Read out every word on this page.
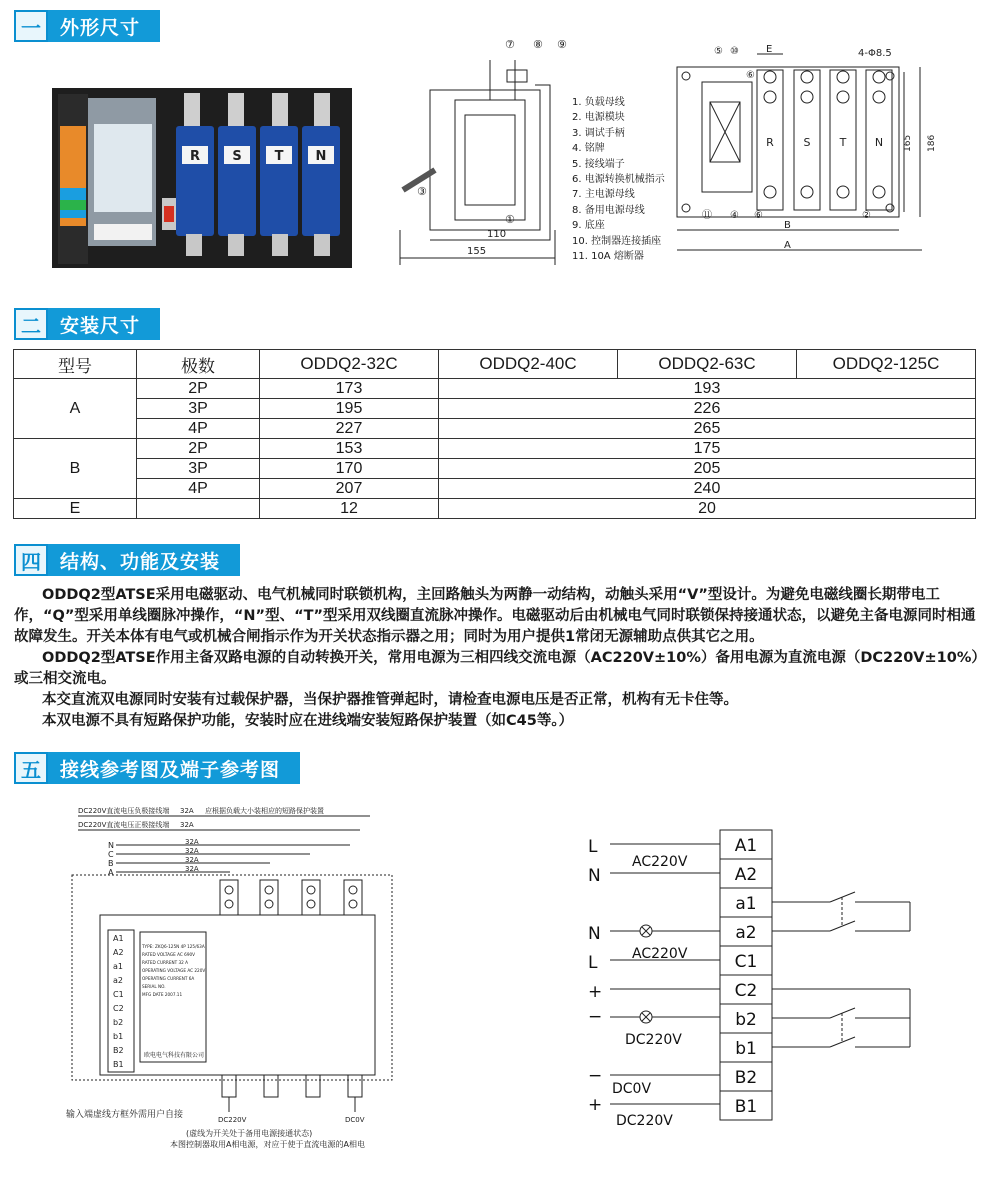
一	外形尺寸
R S	T N
⑦ ⑧ ⑨
③
①
110
155
1. 负载母线
2. 电源模块
3. 调试手柄
4. 铭牌
5. 接线端子
6. 电源转换机械指示
7. 主电源母线
8. 备用电源母线
9. 底座
10. 控制器连接插座
11. 10A 熔断器
R	S	T	N
⑤ ⑩
⑥
⑪ ④ ⑥	②
E	4-Φ8.5
165 186
B
A
二	安装尺寸
型号	极数	ODDQ2-32C	ODDQ2-40C	ODDQ2-63C	ODDQ2-125C
A	2P	173	193		
	3P	195	226		
	4P	227	265		
B	2P	153	175		
	3P	170	205		
	4P	207	240		
E		12	20		
四	结构、功能及安装

ODDQ2型ATSE采用电磁驱动、电气机械同时联锁机构，主回路触头为两静一动结构，动触头采用“V”型设计。为避免电磁线圈长期带电工作，“Q”型采用单线圈脉冲操作，“N”型、“T”型采用双线圈直流脉冲操作。电磁驱动后由机械电气同时联锁保持接通状态，以避免主备电源同时相通故障发生。开关本体有电气或机械合闸指示作为开关状态指示器之用；同时为用户提供1常闭无源辅助点供其它之用。

ODDQ2型ATSE作用主备双路电源的自动转换开关，常用电源为三相四线交流电源（AC220V±10%）备用电源为直流电源（DC220V±10%）或三相交流电。

本交直流双电源同时安装有过载保护器，当保护器推管弹起时，请检查电源电压是否正常，机构有无卡住等。

本双电源不具有短路保护功能，安装时应在进线端安装短路保护装置（如C45等。）

五	接线参考图及端子参考图
DC220V直流电压负极接线端
DC220V直流电压正极接线端
应根据负载大小装相应的短路保护装置
N
C
B
A
32A
32A
32A
32A
32A
32A
A1
A2
a1
a2
C1
C2
b2
b1
B2
B1
TYPE: ZKQ6-125N 4P 125/63A
RATED VOLTAGE AC 690V
RATED CURRENT 32 A
OPERATING VOLTAGE AC 220V
OPERATING CURRENT 6A
SERIAL NO.
MFG DATE 2007.11
欧电电气科技有限公司
DC220V	DC0V
输入端虚线方框外需用户自接
(虚线为开关处于备用电源接通状态)
本图控制器取用A相电源，对应于使于直流电源的A相电
A1
A2
a1
a2
C1
C2
b2
b1
B2
B1
L
N
N
L
+
−
−
+
AC220V
AC220V
DC220V
DC0V
DC220V
